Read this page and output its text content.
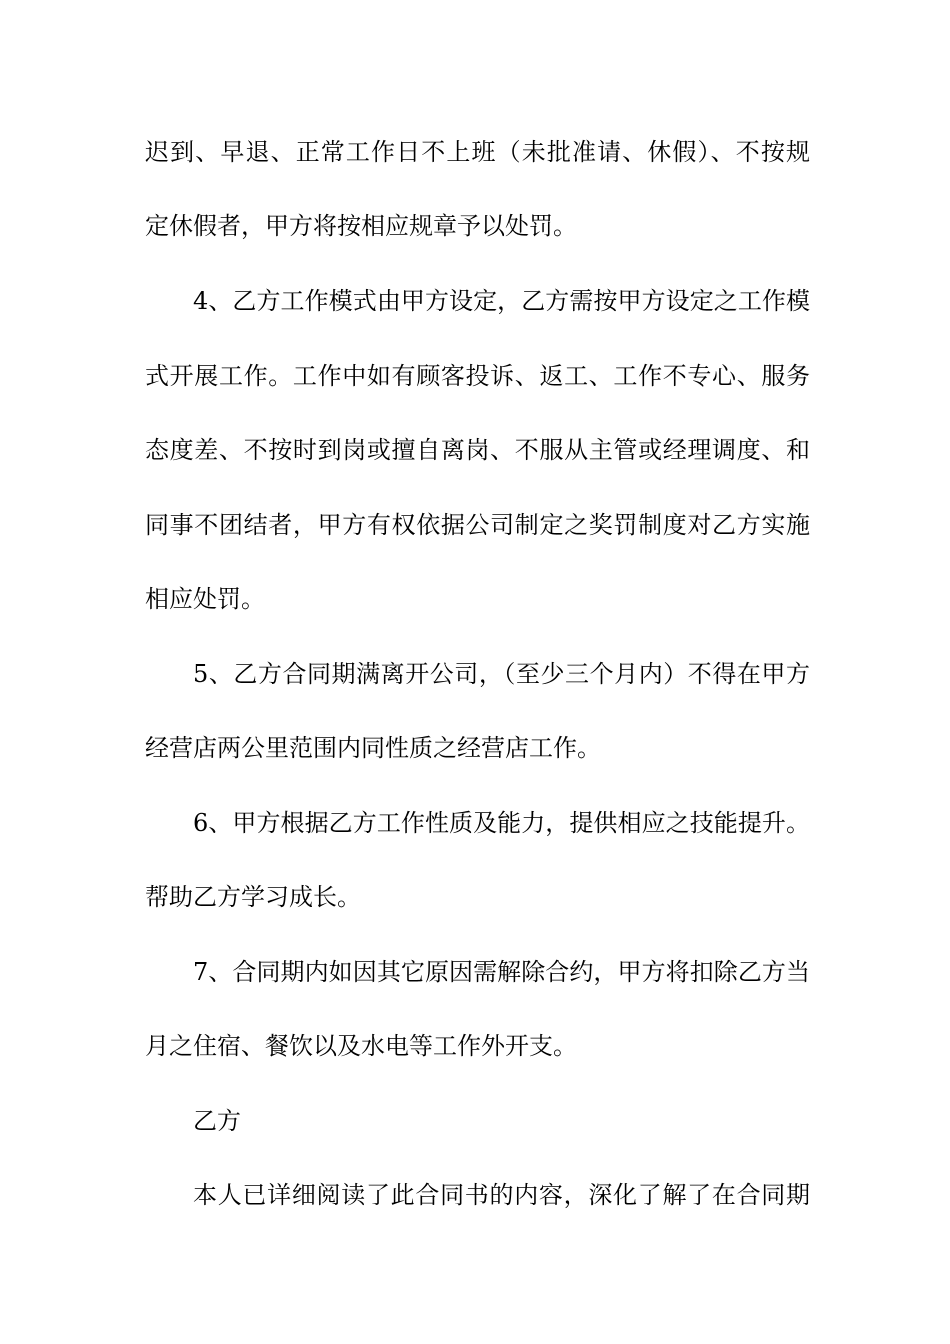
迟到、早退、正常工作日不上班（未批准请、休假）、不按规
定休假者，甲方将按相应规章予以处罚。
4、乙方工作模式由甲方设定，乙方需按甲方设定之工作模
式开展工作。工作中如有顾客投诉、返工、工作不专心、服务
态度差、不按时到岗或擅自离岗、不服从主管或经理调度、和
同事不团结者，甲方有权依据公司制定之奖罚制度对乙方实施
相应处罚。
5、乙方合同期满离开公司，（至少三个月内）不得在甲方
经营店两公里范围内同性质之经营店工作。
6、甲方根据乙方工作性质及能力，提供相应之技能提升。
帮助乙方学习成长。
7、合同期内如因其它原因需解除合约，甲方将扣除乙方当
月之住宿、餐饮以及水电等工作外开支。
乙方
本人已详细阅读了此合同书的内容，深化了解了在合同期
